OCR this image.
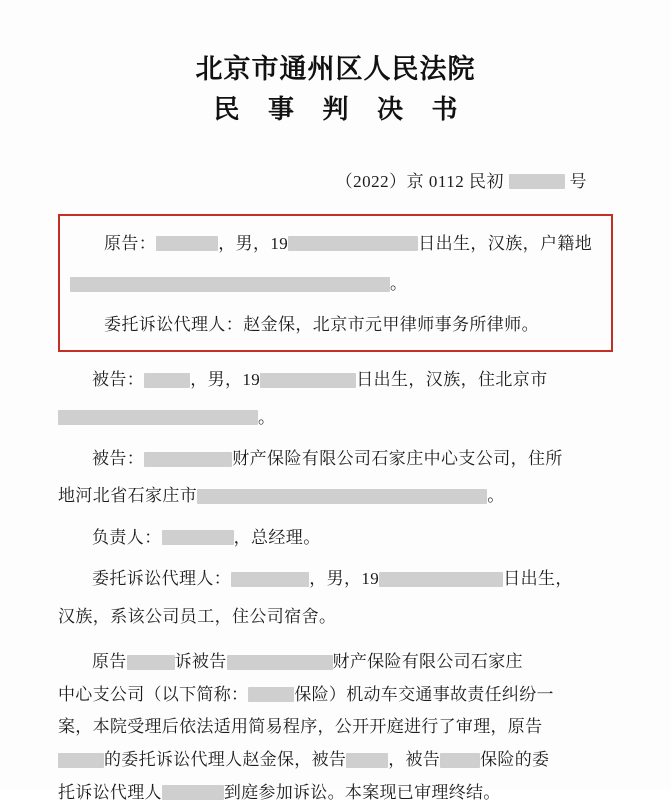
北京市通州区人民法院
民 事 判 决 书
（2022）京 0112 民初	号

原告：	，男，19	日出生，汉族，户籍地

。

委托诉讼代理人：赵金保，北京市元甲律师事务所律师。

被告：	，男，19	日出生，汉族，住北京市

。

被告：	财产保险有限公司石家庄中心支公司，住所

地河北省石家庄市	。

负责人：	，总经理。

委托诉讼代理人：	，男，19	日出生，

汉族，系该公司员工，住公司宿舍。

原告	诉被告	财产保险有限公司石家庄
中心支公司（以下简称：	保险）机动车交通事故责任纠纷一
案，本院受理后依法适用简易程序，公开开庭进行了审理，原告
的委托诉讼代理人赵金保，被告 ，被告 保险的委
托诉讼代理人	到庭参加诉讼。本案现已审理终结。
